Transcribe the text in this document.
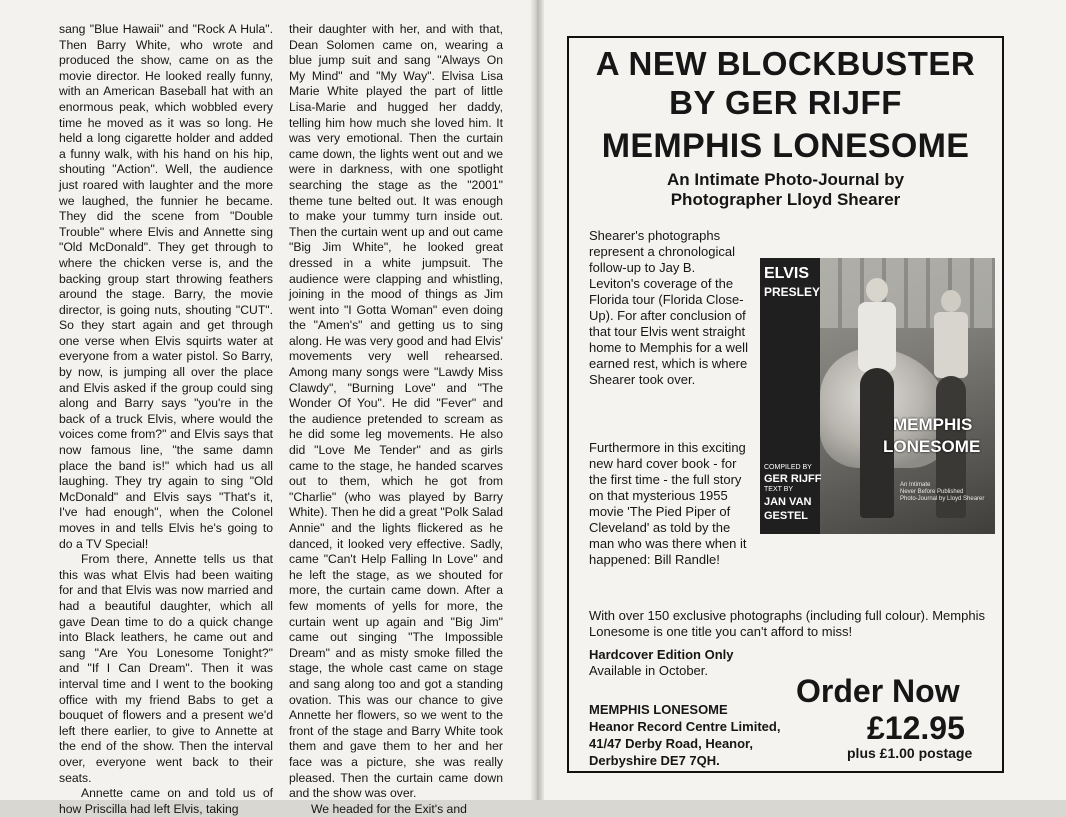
sang "Blue Hawaii" and "Rock A Hula". Then Barry White, who wrote and produced the show, came on as the movie director. He looked really funny, with an American Baseball hat with an enormous peak, which wobbled every time he moved as it was so long. He held a long cigarette holder and added a funny walk, with his hand on his hip, shouting "Action". Well, the audience just roared with laughter and the more we laughed, the funnier he became. They did the scene from "Double Trouble" where Elvis and Annette sing "Old McDonald". They get through to where the chicken verse is, and the backing group start throwing feathers around the stage. Barry, the movie director, is going nuts, shouting "CUT". So they start again and get through one verse when Elvis squirts water at everyone from a water pistol. So Barry, by now, is jumping all over the place and Elvis asked if the group could sing along and Barry says "you're in the back of a truck Elvis, where would the voices come from?" and Elvis says that now famous line, "the same damn place the band is!" which had us all laughing. They try again to sing "Old McDonald" and Elvis says "That's it, I've had enough", when the Colonel moves in and tells Elvis he's going to do a TV Special!

From there, Annette tells us that this was what Elvis had been waiting for and that Elvis was now married and had a beautiful daughter, which all gave Dean time to do a quick change into Black leathers, he came out and sang "Are You Lonesome Tonight?" and "If I Can Dream". Then it was interval time and I went to the booking office with my friend Babs to get a bouquet of flowers and a present we'd left there earlier, to give to Annette at the end of the show. Then the interval over, everyone went back to their seats.

Annette came on and told us of how Priscilla had left Elvis, taking

their daughter with her, and with that, Dean Solomen came on, wearing a blue jump suit and sang "Always On My Mind" and "My Way". Elvisa Lisa Marie White played the part of little Lisa-Marie and hugged her daddy, telling him how much she loved him. It was very emotional. Then the curtain came down, the lights went out and we were in darkness, with one spotlight searching the stage as the "2001" theme tune belted out. It was enough to make your tummy turn inside out. Then the curtain went up and out came "Big Jim White", he looked great dressed in a white jumpsuit. The audience were clapping and whistling, joining in the mood of things as Jim went into "I Gotta Woman" even doing the "Amen's" and getting us to sing along. He was very good and had Elvis' movements very well rehearsed. Among many songs were "Lawdy Miss Clawdy", "Burning Love" and "The Wonder Of You". He did "Fever" and the audience pretended to scream as he did some leg movements. He also did "Love Me Tender" and as girls came to the stage, he handed scarves out to them, which he got from "Charlie" (who was played by Barry White). Then he did a great "Polk Salad Annie" and the lights flickered as he danced, it looked very effective. Sadly, came "Can't Help Falling In Love" and he left the stage, as we shouted for more, the curtain came down. After a few moments of yells for more, the curtain went up again and "Big Jim" came out singing "The Impossible Dream" and as misty smoke filled the stage, the whole cast came on stage and sang along too and got a standing ovation. This was our chance to give Annette her flowers, so we went to the front of the stage and Barry White took them and gave them to her and her face was a picture, she was really pleased. Then the curtain came down and the show was over.

We headed for the Exit's and

A NEW BLOCKBUSTER

BY GER RIJFF

MEMPHIS LONESOME

An Intimate Photo-Journal by

Photographer Lloyd Shearer

Shearer's photographs represent a chronological follow-up to Jay B. Leviton's coverage of the Florida tour (Florida Close-Up). For after conclusion of that tour Elvis went straight home to Memphis for a well earned rest, which is where Shearer took over.

Furthermore in this exciting new hard cover book - for the first time - the full story on that mysterious 1955 movie 'The Pied Piper of Cleveland' as told by the man who was there when it happened: Bill Randle!

ELVIS

PRESLEY

COMPILED BY

GER RIJFF

TEXT BY

JAN VAN

GESTEL

MEMPHIS

LONESOME

An Intimate

Never Before Published

Photo-Journal by Lloyd Shearer

With over 150 exclusive photographs (including full colour). Memphis Lonesome is one title you can't afford to miss!

Hardcover Edition Only

Available in October.

MEMPHIS LONESOME

Heanor Record Centre Limited,

41/47 Derby Road, Heanor,

Derbyshire DE7 7QH.

Order Now

£12.95

plus £1.00 postage
